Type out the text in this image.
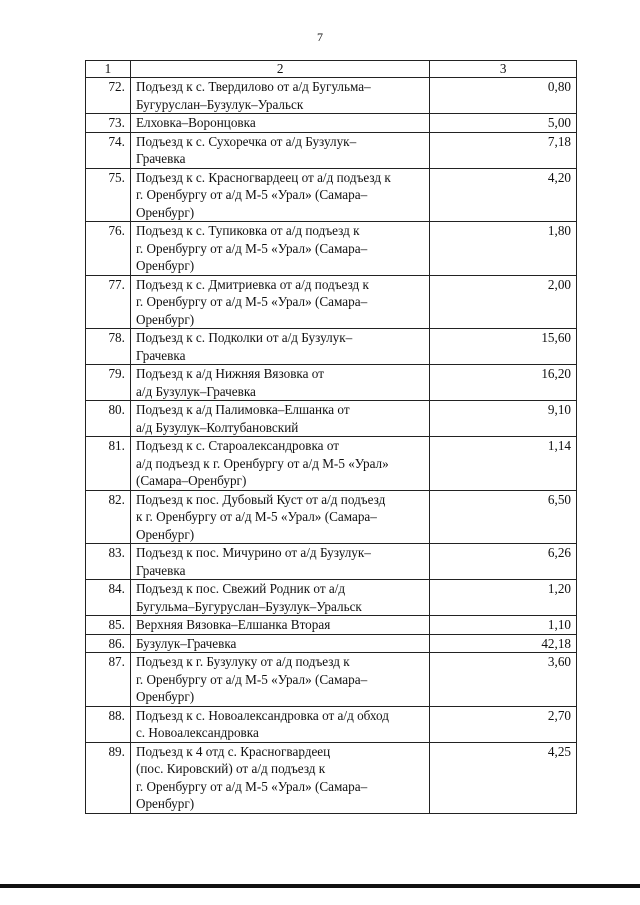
7
1	2	3
72.	Подъезд к с. Твердилово от а/д Бугульма–
Бугуруслан–Бузулук–Уральск	0,80
73.	Елховка–Воронцовка	5,00
74.	Подъезд к с. Сухоречка от а/д Бузулук–
Грачевка	7,18
75.	Подъезд к с. Красногвардеец от а/д подъезд к
г. Оренбургу от а/д М-5 «Урал» (Самара–
Оренбург)	4,20
76.	Подъезд к с. Тупиковка от а/д подъезд к
г. Оренбургу от а/д М-5 «Урал» (Самара–
Оренбург)	1,80
77.	Подъезд к с. Дмитриевка от а/д подъезд к
г. Оренбургу от а/д М-5 «Урал» (Самара–
Оренбург)	2,00
78.	Подъезд к с. Подколки от а/д Бузулук–
Грачевка	15,60
79.	Подъезд к а/д Нижняя Вязовка от
а/д Бузулук–Грачевка	16,20
80.	Подъезд к а/д Палимовка–Елшанка от
а/д Бузулук–Колтубановский	9,10
81.	Подъезд к с. Староалександровка от
а/д подъезд к г. Оренбургу от а/д М-5 «Урал»
(Самара–Оренбург)	1,14
82.	Подъезд к пос. Дубовый Куст от а/д подъезд
к г. Оренбургу от а/д М-5 «Урал» (Самара–
Оренбург)	6,50
83.	Подъезд к пос. Мичурино от а/д Бузулук–
Грачевка	6,26
84.	Подъезд к пос. Свежий Родник от а/д
Бугульма–Бугуруслан–Бузулук–Уральск	1,20
85.	Верхняя Вязовка–Елшанка Вторая	1,10
86.	Бузулук–Грачевка	42,18
87.	Подъезд к г. Бузулуку от а/д подъезд к
г. Оренбургу от а/д М-5 «Урал» (Самара–
Оренбург)	3,60
88.	Подъезд к с. Новоалександровка от а/д обход
с. Новоалександровка	2,70
89.	Подъезд к 4 отд с. Красногвардеец
(пос. Кировский) от а/д подъезд к
г. Оренбургу от а/д М-5 «Урал» (Самара–
Оренбург)	4,25
